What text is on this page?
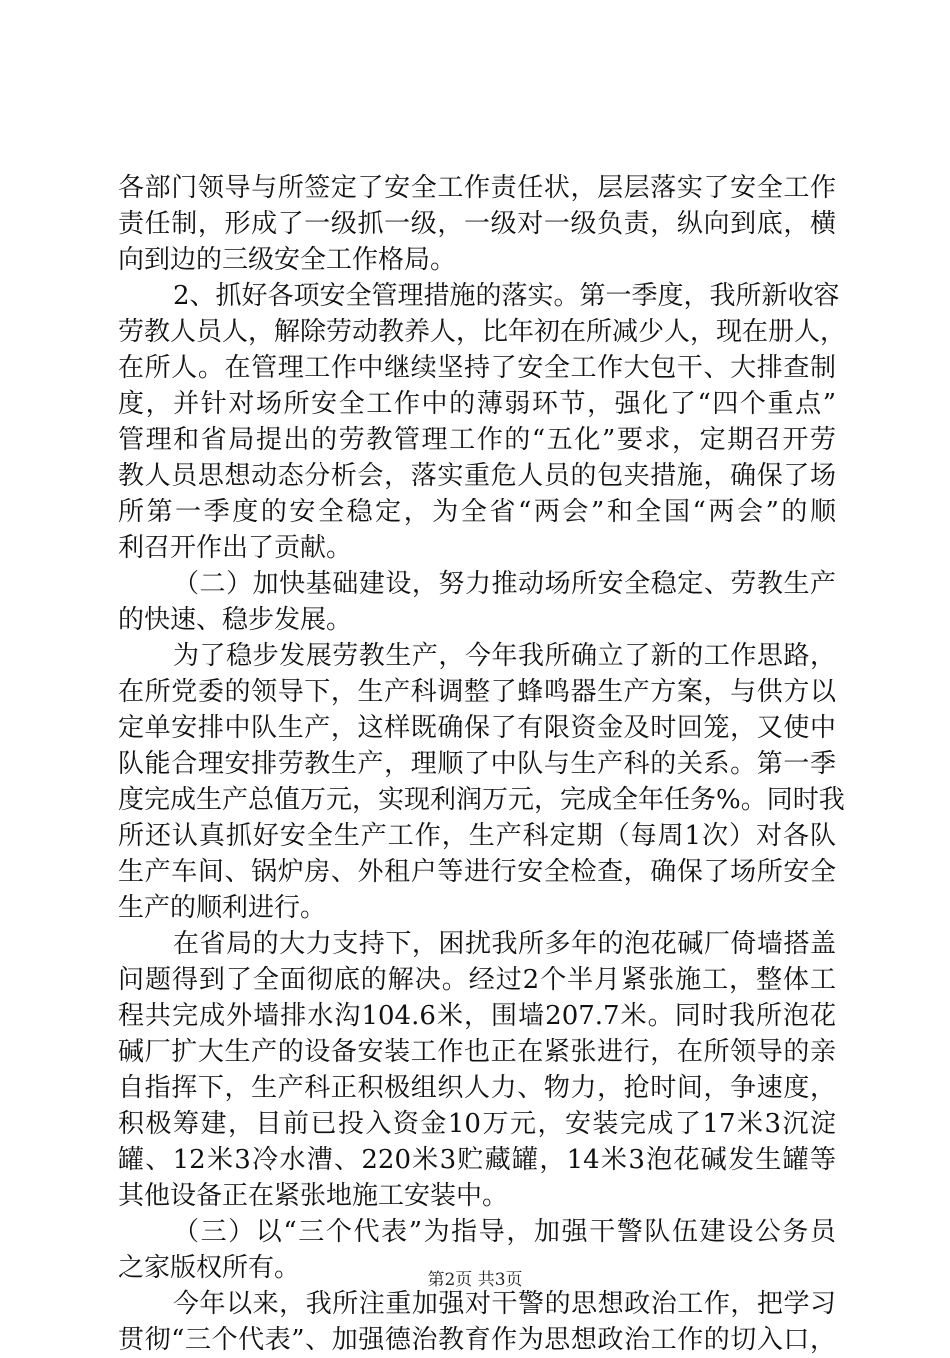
各部门领导与所签定了安全工作责任状，层层落实了安全工作
责任制，形成了一级抓一级，一级对一级负责，纵向到底，横
向到边的三级安全工作格局。
2、抓好各项安全管理措施的落实。第一季度，我所新收容
劳教人员人，解除劳动教养人，比年初在所减少人，现在册人，
在所人。在管理工作中继续坚持了安全工作大包干、大排查制
度，并针对场所安全工作中的薄弱环节，强化了“四个重点”
管理和省局提出的劳教管理工作的“五化”要求，定期召开劳
教人员思想动态分析会，落实重危人员的包夹措施，确保了场
所第一季度的安全稳定，为全省“两会”和全国“两会”的顺
利召开作出了贡献。
（二）加快基础建设，努力推动场所安全稳定、劳教生产
的快速、稳步发展。
为了稳步发展劳教生产，今年我所确立了新的工作思路，
在所党委的领导下，生产科调整了蜂鸣器生产方案，与供方以
定单安排中队生产，这样既确保了有限资金及时回笼，又使中
队能合理安排劳教生产，理顺了中队与生产科的关系。第一季
度完成生产总值万元，实现利润万元，完成全年任务%。同时我
所还认真抓好安全生产工作，生产科定期（每周1次）对各队
生产车间、锅炉房、外租户等进行安全检查，确保了场所安全
生产的顺利进行。
在省局的大力支持下，困扰我所多年的泡花碱厂倚墙搭盖
问题得到了全面彻底的解决。经过2个半月紧张施工，整体工
程共完成外墙排水沟104.6米，围墙207.7米。同时我所泡花
碱厂扩大生产的设备安装工作也正在紧张进行，在所领导的亲
自指挥下，生产科正积极组织人力、物力，抢时间，争速度，
积极筹建，目前已投入资金10万元，安装完成了17米3沉淀
罐、12米3冷水漕、220米3贮藏罐，14米3泡花碱发生罐等
其他设备正在紧张地施工安装中。
（三）以“三个代表”为指导，加强干警队伍建设公务员
之家版权所有。
今年以来，我所注重加强对干警的思想政治工作，把学习
贯彻“三个代表”、加强德治教育作为思想政治工作的切入口，
第2页 共3页
